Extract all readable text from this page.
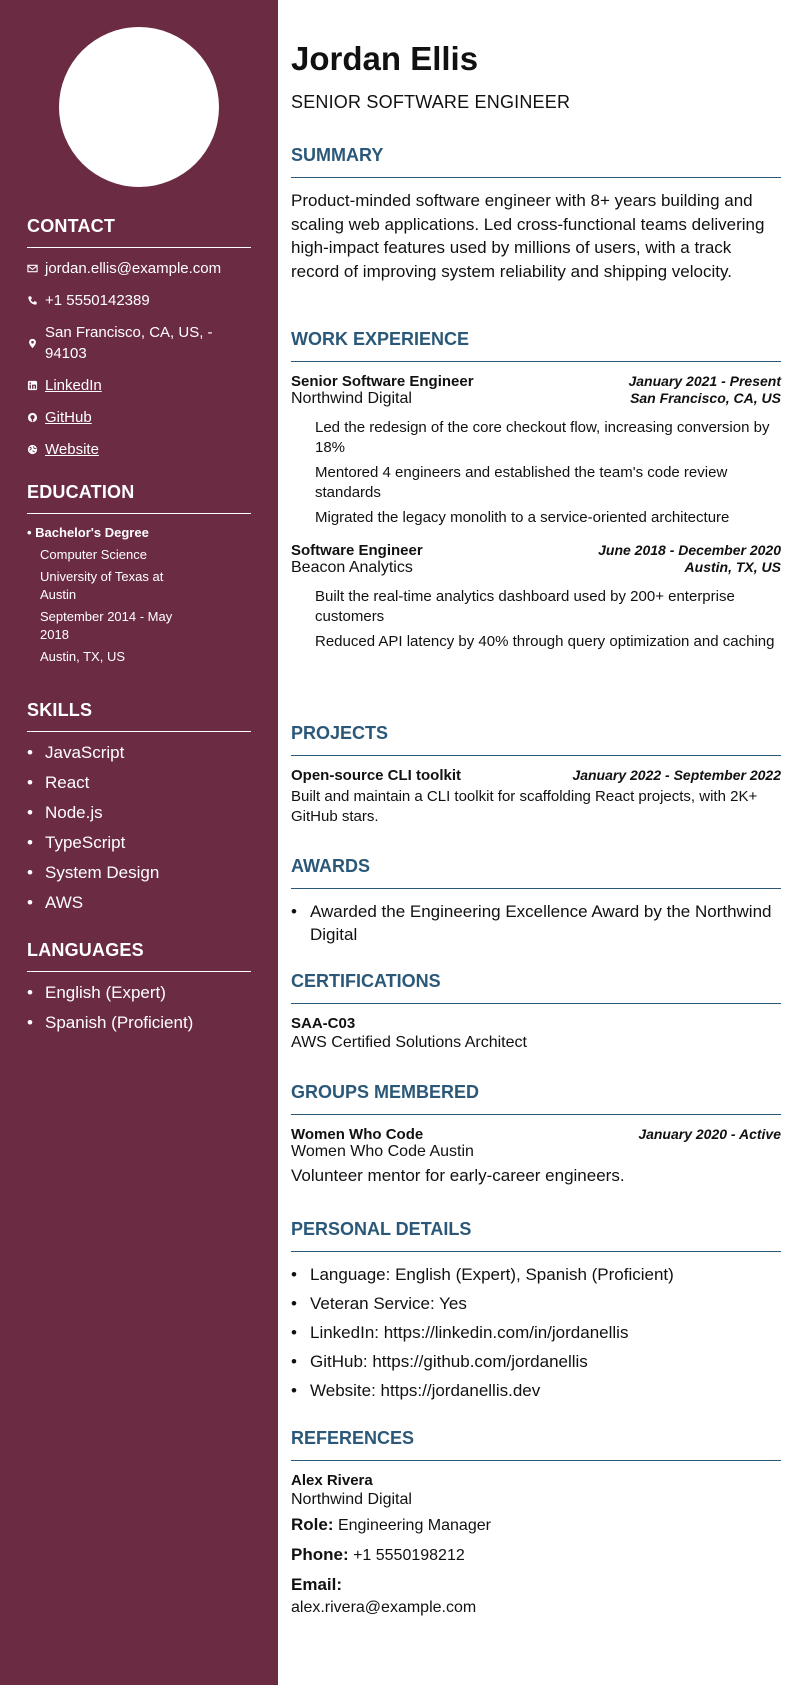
CONTACT
jordan.ellis@example.com
+1 5550142389
San Francisco, CA, US, - 94103
LinkedIn
GitHub
Website
EDUCATION
• Bachelor's Degree
Computer Science
University of Texas at Austin
September 2014 - May 2018
Austin, TX, US
SKILLS
• JavaScript
• React
• Node.js
• TypeScript
• System Design
• AWS
LANGUAGES
• English (Expert)
• Spanish (Proficient)
Jordan Ellis
SENIOR SOFTWARE ENGINEER
SUMMARY
Product-minded software engineer with 8+ years building and scaling web applications. Led cross-functional teams delivering high-impact features used by millions of users, with a track record of improving system reliability and shipping velocity.
WORK EXPERIENCE
Senior Software Engineer	January 2021 - Present
Northwind Digital	San Francisco, CA, US
Led the redesign of the core checkout flow, increasing conversion by 18%
Mentored 4 engineers and established the team's code review standards
Migrated the legacy monolith to a service-oriented architecture
Software Engineer	June 2018 - December 2020
Beacon Analytics	Austin, TX, US
Built the real-time analytics dashboard used by 200+ enterprise customers
Reduced API latency by 40% through query optimization and caching
PROJECTS
Open-source CLI toolkit	January 2022 - September 2022
Built and maintain a CLI toolkit for scaffolding React projects, with 2K+ GitHub stars.
AWARDS
• Awarded the Engineering Excellence Award by the Northwind Digital
CERTIFICATIONS
SAA-C03
AWS Certified Solutions Architect
GROUPS MEMBERED
Women Who Code	January 2020 - Active
Women Who Code Austin
Volunteer mentor for early-career engineers.
PERSONAL DETAILS
• Language: English (Expert), Spanish (Proficient)
• Veteran Service: Yes
• LinkedIn: https://linkedin.com/in/jordanellis
• GitHub: https://github.com/jordanellis
• Website: https://jordanellis.dev
REFERENCES
Alex Rivera
Northwind Digital
Role: Engineering Manager
Phone: +1 5550198212
Email:
alex.rivera@example.com
